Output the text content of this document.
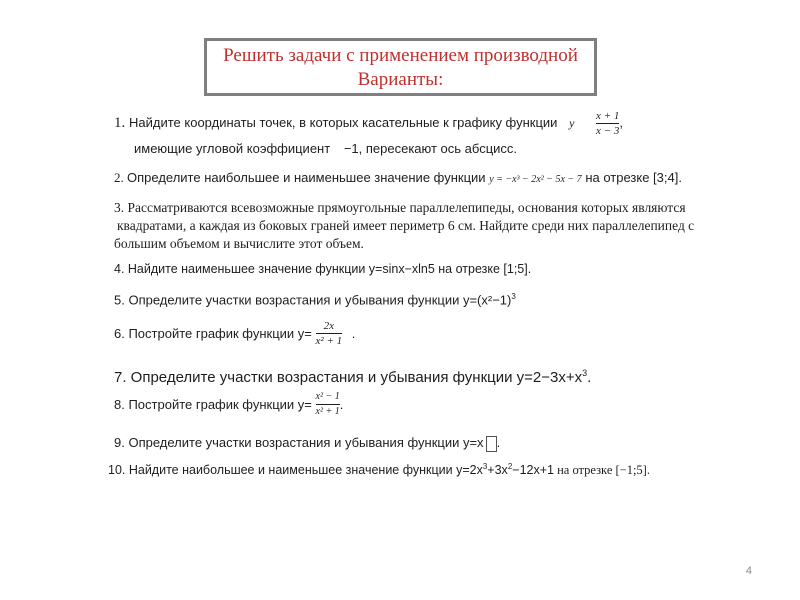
Решить задачи с применением производной
Варианты:
1. Найдите координаты точек, в которых касательные к графику функции y $\frac{x + 1}{x - 3}$ ,
имеющие угловой коэффициент −1, пересекают ось абсцисс.
2. Определите наибольшее и наименьшее значение функции y = −x³ − 2x² − 5x − 7 на отрезке [3;4].
3. Рассматриваются всевозможные прямоугольные параллелепипеды, основания которых являются
квадратами, а каждая из боковых граней имеет периметр 6 см. Найдите среди них параллелепипед с
большим объемом и вычислите этот объем.
4. Найдите наименьшее значение функции y=sinx−xln5 на отрезке [1;5].
5. Определите участки возрастания и убывания функции $y=(x^2-1)^3$
6. Постройте график функции $y= \frac{2x}{\text{x² + 1}}$ .
7. Определите участки возрастания и убывания функции $y=2-3x+x^3$.
8. Постройте график функции $y= \frac{\text{x² − 1}}{\text{x² + 1}}$ .
9. Определите участки возрастания и убывания функции y=x .
10. Найдите наибольшее и наименьшее значение функции $y=2x^3+3x^2-12x+1$ на отрезке [−1;5].
4
